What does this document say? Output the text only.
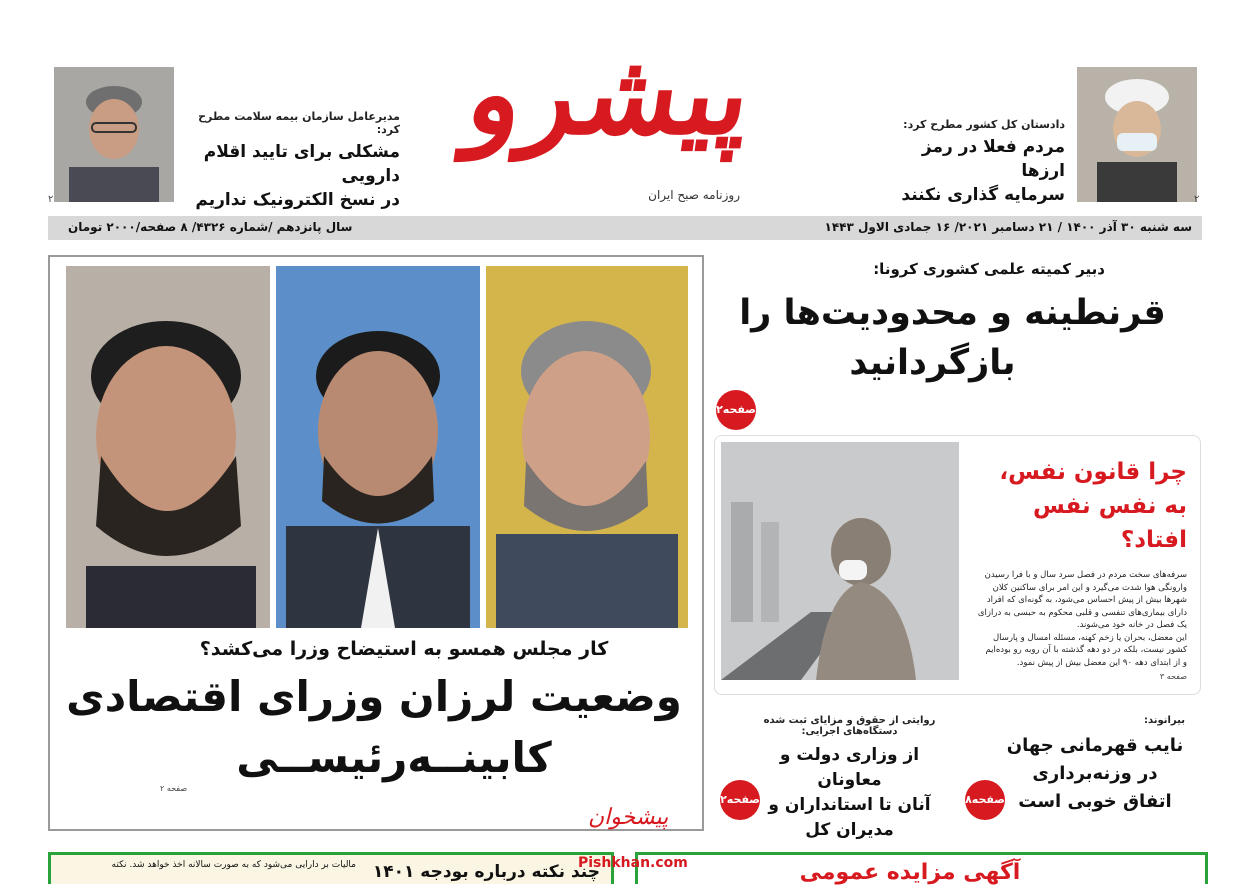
پیشرو
روزنامه صبح ایران
دادستان کل کشور مطرح کرد:
مردم فعلا در رمز ارزها
سرمایه گذاری نکنند	۲
مدیرعامل سازمان بیمه سلامت مطرح کرد:
مشکلی برای تایید اقلام دارویی
در نسخ الکترونیک نداریم
۲
سه شنبه ۳۰ آذر ۱۴۰۰ / ۲۱ دسامبر ۲۰۲۱/ ۱۶ جمادی الاول ۱۴۴۳
سال پانزدهم /شماره ۴۳۲۶/ ۸ صفحه/۲۰۰۰ تومان
دبیر کمیته علمی کشوری کرونا:
قرنطینه و محدودیت‌ها را
بازگردانید
صفحه۲
چرا قانون نفس،
به نفس نفس افتاد؟
سرفه‌های سخت مردم در فصل سرد سال و با فرا رسیدن
وارونگی هوا شدت می‌گیرد و این امر برای ساکنین کلان
شهرها بیش از پیش احساس می‌شود، به گونه‌ای که افراد
دارای بیماری‌های تنفسی و قلبی محکوم به حبسی به درازای
یک فصل در خانه خود می‌شوند.
این معضل، بحران یا زخم کهنه، مسئله امسال و پارسال
کشور نیست، بلکه در دو دهه گذشته با آن روبه رو بوده‌ایم
و از ابتدای دهه ۹۰ این معضل بیش از پیش نمود.
صفحه ۳
کار مجلس همسو به استیضاح وزرا می‌کشد؟
وضعیت لرزان وزرای اقتصادی
کابینــه‌رئیســی
صفحه ۲
بیرانوند:
نایب قهرمانی جهان
در وزنه‌برداری
اتفاق خوبی است
صفحه۸
روایتی از حقوق و مزایای ثبت شده
دستگاه‌های اجرایی:
از وزاری دولت و معاونان
آنان تا استانداران و
مدیران کل
صفحه۲
مالیات بر دارایی می‌شود که به صورت سالانه اخذ خواهد شد. نکته چند نکته درباره بودجه ۱۴۰۱	آگهی مزایده عمومی
پیشخوان
Pishkhan.com
